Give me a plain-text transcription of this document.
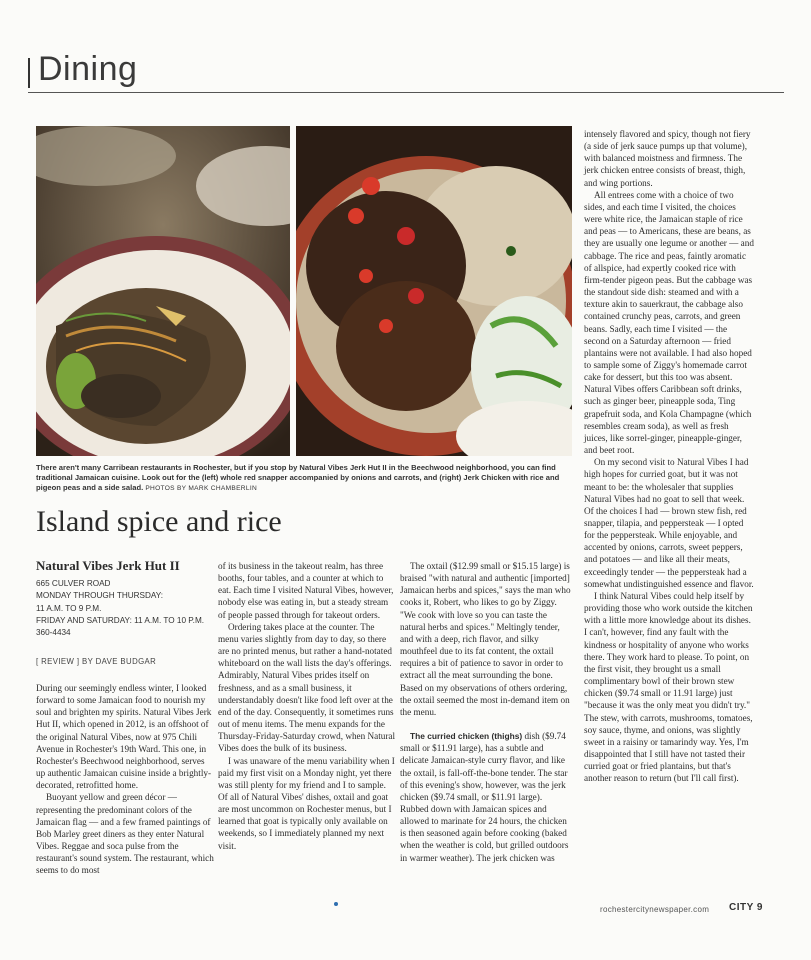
Dining
There aren't many Carribean restaurants in Rochester, but if you stop by Natural Vibes Jerk Hut II in the Beechwood neighborhood, you can find traditional Jamaican cuisine. Look out for the (left) whole red snapper accompanied by onions and carrots, and (right) Jerk Chicken with rice and pigeon peas and a side salad. PHOTOS BY MARK CHAMBERLIN
Island spice and rice
Natural Vibes Jerk Hut II
665 CULVER ROAD
MONDAY THROUGH THURSDAY:
11 A.M. TO 9 P.M.
FRIDAY AND SATURDAY: 11 A.M. TO 10 P.M.
360-4434
[ REVIEW ] BY DAVE BUDGAR

During our seemingly endless winter, I looked forward to some Jamaican food to nourish my soul and brighten my spirits. Natural Vibes Jerk Hut II, which opened in 2012, is an offshoot of the original Natural Vibes, now at 975 Chili Avenue in Rochester's 19th Ward. This one, in Rochester's Beechwood neighborhood, serves up authentic Jamaican cuisine inside a brightly-decorated, retrofitted home.

Buoyant yellow and green décor — representing the predominant colors of the Jamaican flag — and a few framed paintings of Bob Marley greet diners as they enter Natural Vibes. Reggae and soca pulse from the restaurant's sound system. The restaurant, which seems to do most

of its business in the takeout realm, has three booths, four tables, and a counter at which to eat. Each time I visited Natural Vibes, however, nobody else was eating in, but a steady stream of people passed through for takeout orders.

Ordering takes place at the counter. The menu varies slightly from day to day, so there are no printed menus, but rather a hand-notated whiteboard on the wall lists the day's offerings. Admirably, Natural Vibes prides itself on freshness, and as a small business, it understandably doesn't like food left over at the end of the day. Consequently, it sometimes runs out of menu items. The menu expands for the Thursday-Friday-Saturday crowd, when Natural Vibes does the bulk of its business.

I was unaware of the menu variability when I paid my first visit on a Monday night, yet there was still plenty for my friend and I to sample. Of all of Natural Vibes' dishes, oxtail and goat are most uncommon on Rochester menus, but I learned that goat is typically only available on weekends, so I immediately planned my next visit.

The oxtail ($12.99 small or $15.15 large) is braised "with natural and authentic [imported] Jamaican herbs and spices," says the man who cooks it, Robert, who likes to go by Ziggy. "We cook with love so you can taste the natural herbs and spices." Meltingly tender, and with a deep, rich flavor, and silky mouthfeel due to its fat content, the oxtail requires a bit of patience to savor in order to extract all the meat surrounding the bone. Based on my observations of others ordering, the oxtail seemed the most in-demand item on the menu.

The curried chicken (thighs) dish ($9.74 small or $11.91 large), has a subtle and delicate Jamaican-style curry flavor, and like the oxtail, is fall-off-the-bone tender. The star of this evening's show, however, was the jerk chicken ($9.74 small, or $11.91 large). Rubbed down with Jamaican spices and allowed to marinate for 24 hours, the chicken is then seasoned again before cooking (baked when the weather is cold, but grilled outdoors in warmer weather). The jerk chicken was

intensely flavored and spicy, though not fiery (a side of jerk sauce pumps up that volume), with balanced moistness and firmness. The jerk chicken entree consists of breast, thigh, and wing portions.

All entrees come with a choice of two sides, and each time I visited, the choices were white rice, the Jamaican staple of rice and peas — to Americans, these are beans, as they are usually one legume or another — and cabbage. The rice and peas, faintly aromatic of allspice, had expertly cooked rice with firm-tender pigeon peas. But the cabbage was the standout side dish: steamed and with a texture akin to sauerkraut, the cabbage also contained crunchy peas, carrots, and green beans. Sadly, each time I visited — the second on a Saturday afternoon — fried plantains were not available. I had also hoped to sample some of Ziggy's homemade carrot cake for dessert, but this too was absent. Natural Vibes offers Caribbean soft drinks, such as ginger beer, pineapple soda, Ting grapefruit soda, and Kola Champagne (which resembles cream soda), as well as fresh juices, like sorrel-ginger, pineapple-ginger, and beet root.

On my second visit to Natural Vibes I had high hopes for curried goat, but it was not meant to be: the wholesaler that supplies Natural Vibes had no goat to sell that week. Of the choices I had — brown stew fish, red snapper, tilapia, and peppersteak — I opted for the peppersteak. While enjoyable, and accented by onions, carrots, sweet peppers, and potatoes — and like all their meats, exceedingly tender — the peppersteak had a somewhat undistinguished essence and flavor.

I think Natural Vibes could help itself by providing those who work outside the kitchen with a little more knowledge about its dishes. I can't, however, find any fault with the kindness or hospitality of anyone who works there. They work hard to please. To point, on the first visit, they brought us a small complimentary bowl of their brown stew chicken ($9.74 small or 11.91 large) just "because it was the only meat you didn't try." The stew, with carrots, mushrooms, tomatoes, soy sauce, thyme, and onions, was slightly sweet in a raisiny or tamarindy way. Yes, I'm disappointed that I still have not tasted their curried goat or fried plantains, but that's another reason to return (but I'll call first).

rochestercitynewspaper.com CITY 9
